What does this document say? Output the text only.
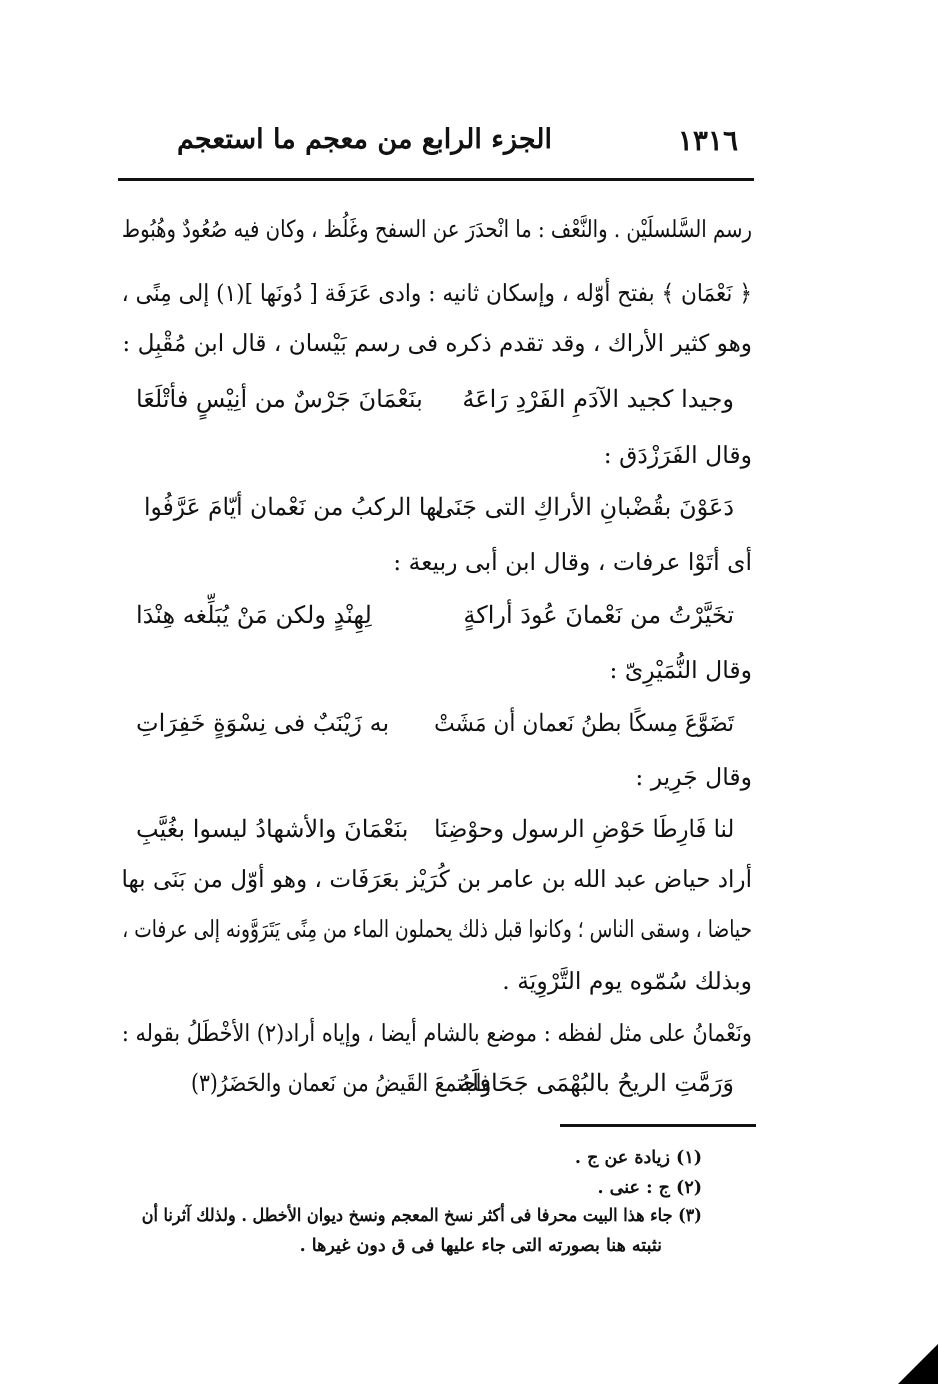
١٣١٦
الجزء الرابع من معجم ما استعجم
رسم السَّلسلَيْن . والنَّعْف : ما انْحدَرَ عن السفح وغَلُظ ، وكان فيه صُعُودٌ وهُبُوط
﴿ نَعْمَان ﴾ بفتح أوّله ، وإسكان ثانيه : وادى عَرَفَة [ دُونَها ](١) إلى مِنًى ،
وهو كثير الأراك ، وقد تقدم ذكره فى رسم بَيْسان ، قال ابن مُقْبِل :
وجيدا كجيد الآدَمِ الفَرْدِ رَاعَهُ
بنَعْمَانَ جَرْسٌ من أنِيْسٍ فأتْلَعَا
وقال الفَرَزْدَق :
دَعَوْنَ بقُضْبانِ الأراكِ التى جَنَى
لها الركبُ من نَعْمان أيّامَ عَرَّفُوا
أى أتَوْا عرفات ، وقال ابن أبى ربيعة :
تخَيَّرْتُ من نَعْمانَ عُودَ أراكةٍ
لِهِنْدٍ ولكن مَنْ يُبَلِّغه هِنْدَا
وقال النُّمَيْرِىّ :
تَضَوَّعَ مِسكًا بطنُ نَعمان أن مَشَتْ
به زَيْنَبٌ فى نِسْوَةٍ خَفِرَاتِ
وقال جَرِير :
لنا فَارِطَا حَوْضِ الرسول وحوْضِنَا
بنَعْمَانَ والأشهادُ ليسوا بغُيَّبِ
أراد حياض عبد الله بن عامر بن كُرَيْز بعَرَفَات ، وهو أوّل من بَنَى بها
حياضا ، وسقى الناس ؛ وكانوا قبل ذلك يحملون الماء من مِنًى يَتَرَوَّونه إلى عرفات ،
وبذلك سُمّوه يوم التَّرْوِيَة .
ونَعْمانُ على مثل لفظه : موضع بالشام أيضا ، وإياه أراد(٢) الأخْطَلُ بقوله :
وَرَمَّتِ الريحُ بالبُهْمَى جَحَافِلَهُ
واجتمعَ القَيضُ من نَعمان والحَضَرُ(٣)
(١) زيادة عن ج .
(٢) ج : عنى .
(٣) جاء هذا البيت محرفا فى أكثر نسخ المعجم ونسخ ديوان الأخطل . ولذلك آثرنا أن
نثبته هنا بصورته التى جاء عليها فى ق دون غيرها .
